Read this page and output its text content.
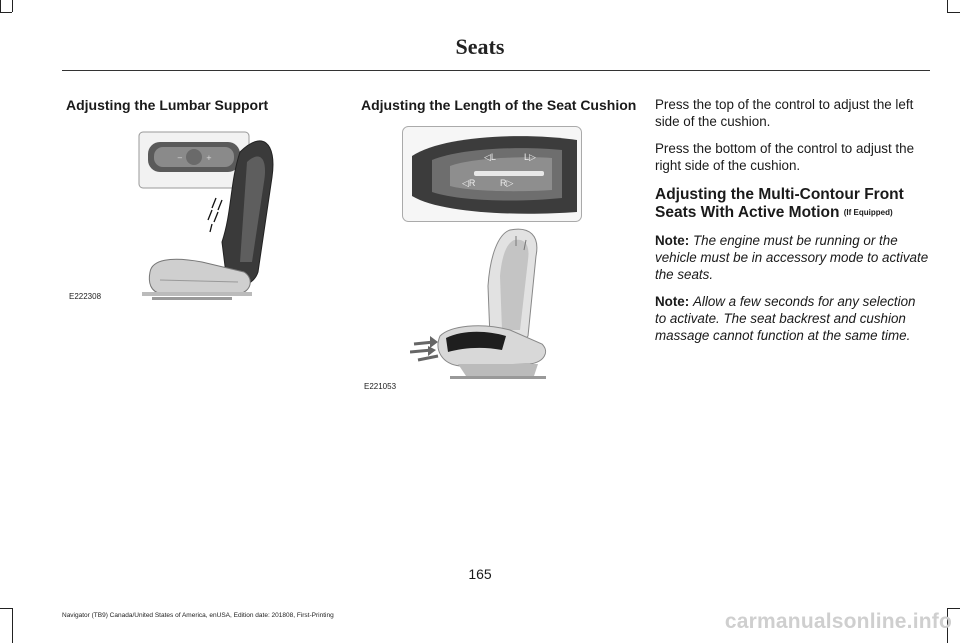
Seats
Adjusting the Lumbar Support
−	+
E222308
Adjusting the Length of the Seat Cushion
◁L	L▷
◁R	R▷
E221053

Press the top of the control to adjust the left side of the cushion.

Press the bottom of the control to adjust the right side of the cushion.

Adjusting the Multi-Contour Front Seats With Active Motion (If Equipped)

Note: The engine must be running or the vehicle must be in accessory mode to activate the seats.

Note: Allow a few seconds for any selection to activate. The seat backrest and cushion massage cannot function at the same time.

165
Navigator (TB9) Canada/United States of America, enUSA, Edition date: 201808, First-Printing	carmanualsonline.info
